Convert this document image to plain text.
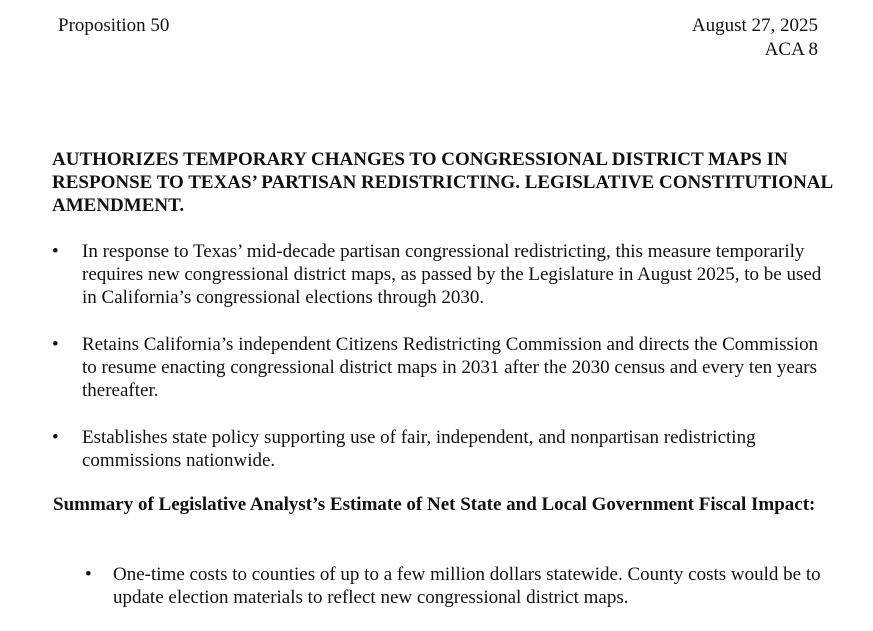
Proposition 50	August 27, 2025
ACA 8
AUTHORIZES TEMPORARY CHANGES TO CONGRESSIONAL DISTRICT MAPS IN RESPONSE TO TEXAS’ PARTISAN REDISTRICTING. LEGISLATIVE CONSTITUTIONAL AMENDMENT.
• In response to Texas’ mid-decade partisan congressional redistricting, this measure temporarily requires new congressional district maps, as passed by the Legislature in August 2025, to be used in California’s congressional elections through 2030.
• Retains California’s independent Citizens Redistricting Commission and directs the Commission to resume enacting congressional district maps in 2031 after the 2030 census and every ten years thereafter.
• Establishes state policy supporting use of fair, independent, and nonpartisan redistricting commissions nationwide.
Summary of Legislative Analyst’s Estimate of Net State and Local Government Fiscal Impact:
• One-time costs to counties of up to a few million dollars statewide. County costs would be to update election materials to reflect new congressional district maps.
